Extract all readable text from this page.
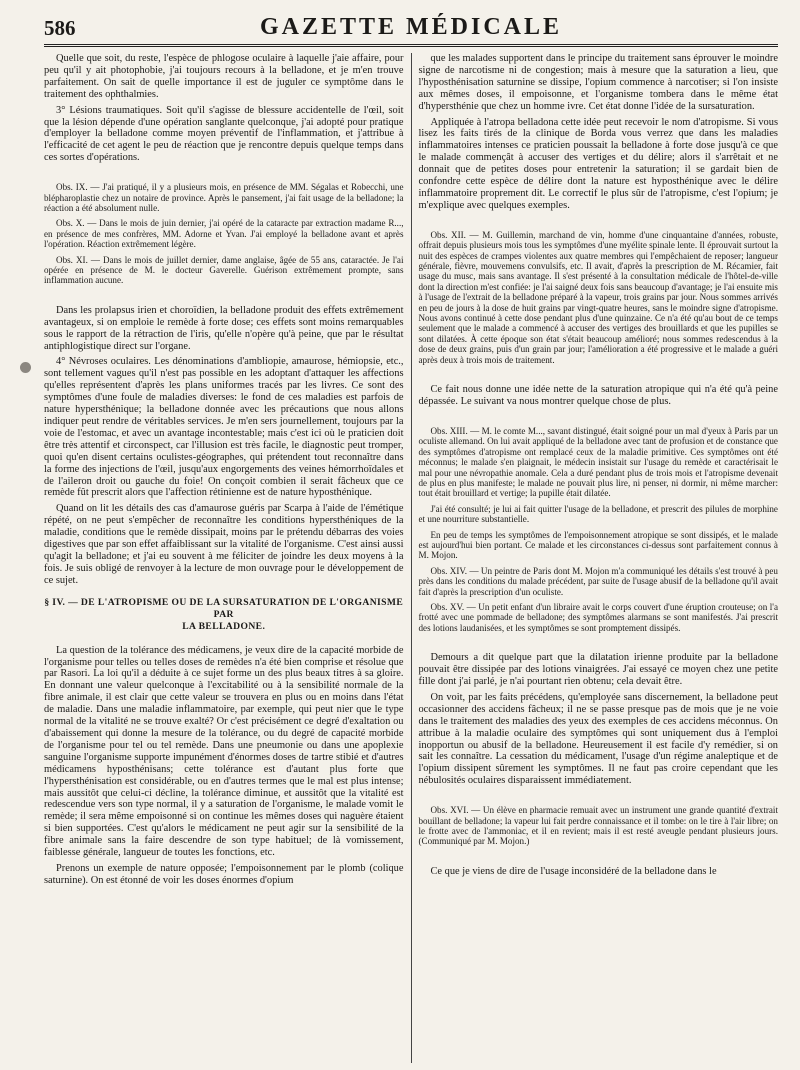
586	GAZETTE MÉDICALE

Quelle que soit, du reste, l'espèce de phlogose oculaire à laquelle j'aie affaire, pour peu qu'il y ait photophobie, j'ai toujours recours à la belladone, et je m'en trouve parfaitement. On sait de quelle importance il est de juguler ce symptôme dans le traitement des ophthalmies.

3° Lésions traumatiques. Soit qu'il s'agisse de blessure accidentelle de l'œil, soit que la lésion dépende d'une opération sanglante quelconque, j'ai adopté pour pratique d'employer la belladone comme moyen préventif de l'inflammation, et j'attribue à l'efficacité de cet agent le peu de réaction que je rencontre depuis quelque temps dans ces sortes d'opérations.

Obs. IX. — J'ai pratiqué, il y a plusieurs mois, en présence de MM. Ségalas et Robecchi, une blépharoplastie chez un notaire de province. Après le pansement, j'ai fait usage de la belladone; la réaction a été absolument nulle.

Obs. X. — Dans le mois de juin dernier, j'ai opéré de la cataracte par extraction madame R..., en présence de mes confrères, MM. Adorne et Yvan. J'ai employé la belladone avant et après l'opération. Réaction extrêmement légère.

Obs. XI. — Dans le mois de juillet dernier, dame anglaise, âgée de 55 ans, cataractée. Je l'ai opérée en présence de M. le docteur Gaverelle. Guérison extrêmement prompte, sans inflammation aucune.

Dans les prolapsus irien et choroïdien, la belladone produit des effets extrêmement avantageux, si on emploie le remède à forte dose; ces effets sont moins remarquables sous le rapport de la rétraction de l'iris, qu'elle n'opère qu'à peine, que par le résultat antiphlogistique direct sur l'organe.

4° Névroses oculaires. Les dénominations d'ambliopie, amaurose, hémiopsie, etc., sont tellement vagues qu'il n'est pas possible en les adoptant d'attaquer les affections qu'elles représentent d'après les plans uniformes tracés par les livres. Ce sont des symptômes d'une foule de maladies diverses: le fond de ces maladies est parfois de nature hypersthénique; la belladone donnée avec les précautions que nous allons indiquer peut rendre de véritables services. Je m'en sers journellement, toujours par la voie de l'estomac, et avec un avantage incontestable; mais c'est ici où le praticien doit être très attentif et circonspect, car l'illusion est très facile, le diagnostic peut tromper, quoi qu'en disent certains oculistes-géographes, qui prétendent tout reconnaître dans la forme des injections de l'œil, jusqu'aux engorgements des veines hémorrhoïdales et de l'aileron droit ou gauche du foie! On conçoit combien il serait fâcheux que ce remède fût prescrit alors que l'affection rétinienne est de nature hyposthénique.

Quand on lit les détails des cas d'amaurose guéris par Scarpa à l'aide de l'émétique répété, on ne peut s'empêcher de reconnaître les conditions hypersthéniques de la maladie, conditions que le remède dissipait, moins par le prétendu débarras des voies digestives que par son effet affaiblissant sur la vitalité de l'organisme. C'est ainsi aussi qu'agit la belladone; et j'ai eu souvent à me féliciter de joindre les deux moyens à la fois. Je suis obligé de renvoyer à la lecture de mon ouvrage pour le développement de ce sujet.

§ IV. — DE L'ATROPISME OU DE LA SURSATURATION DE L'ORGANISME PAR
LA BELLADONE.

La question de la tolérance des médicamens, je veux dire de la capacité morbide de l'organisme pour telles ou telles doses de remèdes n'a été bien comprise et résolue que par Rasori. La loi qu'il a déduite à ce sujet forme un des plus beaux titres à sa gloire. En donnant une valeur quelconque à l'excitabilité ou à la sensibilité normale de la fibre animale, il est clair que cette valeur se trouvera en plus ou en moins dans l'état de maladie. Dans une maladie inflammatoire, par exemple, qui peut nier que le type normal de la vitalité ne se trouve exalté? Or c'est précisément ce degré d'exaltation ou d'abaissement qui donne la mesure de la tolérance, ou du degré de capacité morbide de l'organisme pour tel ou tel remède. Dans une pneumonie ou dans une apoplexie sanguine l'organisme supporte impunément d'énormes doses de tartre stibié et d'autres médicamens hyposthénisans; cette tolérance est d'autant plus forte que l'hypersthénisation est considérable, ou en d'autres termes que le mal est plus intense; mais aussitôt que celui-ci décline, la tolérance diminue, et aussitôt que la vitalité est redescendue vers son type normal, il y a saturation de l'organisme, le malade vomit le remède; il sera même empoisonné si on continue les mêmes doses qui naguère étaient si bien supportées. C'est qu'alors le médicament ne peut agir sur la sensibilité de la fibre animale sans la faire descendre de son type habituel; de là vomissement, faiblesse générale, langueur de toutes les fonctions, etc.

Prenons un exemple de nature opposée; l'empoisonnement par le plomb (colique saturnine). On est étonné de voir les doses énormes d'opium

que les malades supportent dans le principe du traitement sans éprouver le moindre signe de narcotisme ni de congestion; mais à mesure que la saturation a lieu, que l'hyposthénisation saturnine se dissipe, l'opium commence à narcotiser; si l'on insiste aux mêmes doses, il empoisonne, et l'organisme tombera dans le même état d'hypersthénie que chez un homme ivre. Cet état donne l'idée de la sursaturation.

Appliquée à l'atropa belladona cette idée peut recevoir le nom d'atropisme. Si vous lisez les faits tirés de la clinique de Borda vous verrez que dans les maladies inflammatoires intenses ce praticien poussait la belladone à forte dose jusqu'à ce que le malade commençât à accuser des vertiges et du délire; alors il s'arrêtait et ne donnait que de petites doses pour entretenir la saturation; il se gardait bien de confondre cette espèce de délire dont la nature est hyposthénique avec le délire inflammatoire proprement dit. Le correctif le plus sûr de l'atropisme, c'est l'opium; je m'explique avec quelques exemples.

Obs. XII. — M. Guillemin, marchand de vin, homme d'une cinquantaine d'années, robuste, offrait depuis plusieurs mois tous les symptômes d'une myélite spinale lente. Il éprouvait surtout la nuit des espèces de crampes violentes aux quatre membres qui l'empêchaient de reposer; langueur générale, fièvre, mouvemens convulsifs, etc. Il avait, d'après la prescription de M. Récamier, fait usage du musc, mais sans avantage. Il s'est présenté à la consultation médicale de l'hôtel-de-ville dont la direction m'est confiée: je l'ai saigné deux fois sans beaucoup d'avantage; je l'ai ensuite mis à l'usage de l'extrait de la belladone préparé à la vapeur, trois grains par jour. Nous sommes arrivés en peu de jours à la dose de huit grains par vingt-quatre heures, sans le moindre signe d'atropisme. Nous avons continué à cette dose pendant plus d'une quinzaine. Ce n'a été qu'au bout de ce temps seulement que le malade a commencé à accuser des vertiges des brouillards et que les pupilles se sont dilatées. À cette époque son état s'était beaucoup amélioré; nous sommes redescendus à la dose de deux grains, puis d'un grain par jour; l'amélioration a été progressive et le malade a guéri après deux à trois mois de traitement.

Ce fait nous donne une idée nette de la saturation atropique qui n'a été qu'à peine dépassée. Le suivant va nous montrer quelque chose de plus.

Obs. XIII. — M. le comte M..., savant distingué, était soigné pour un mal d'yeux à Paris par un oculiste allemand. On lui avait appliqué de la belladone avec tant de profusion et de constance que des symptômes d'atropisme ont remplacé ceux de la maladie primitive. Ces symptômes ont été méconnus; le malade s'en plaignait, le médecin insistait sur l'usage du remède et caractérisait le mal pour une névropathie anomale. Cela a duré pendant plus de trois mois et l'atropisme devenait de plus en plus manifeste; le malade ne pouvait plus lire, ni penser, ni dormir, ni même marcher: tout était brouillard et vertige; la pupille était dilatée.

J'ai été consulté; je lui ai fait quitter l'usage de la belladone, et prescrit des pilules de morphine et une nourriture substantielle.

En peu de temps les symptômes de l'empoisonnement atropique se sont dissipés, et le malade est aujourd'hui bien portant. Ce malade et les circonstances ci-dessus sont parfaitement connus à M. Mojon.

Obs. XIV. — Un peintre de Paris dont M. Mojon m'a communiqué les détails s'est trouvé à peu près dans les conditions du malade précédent, par suite de l'usage abusif de la belladone qu'il avait fait d'après la prescription d'un oculiste.

Obs. XV. — Un petit enfant d'un libraire avait le corps couvert d'une éruption crouteuse; on l'a frotté avec une pommade de belladone; des symptômes alarmans se sont manifestés. J'ai prescrit des lotions laudanisées, et les symptômes se sont promptement dissipés.

Demours a dit quelque part que la dilatation irienne produite par la belladone pouvait être dissipée par des lotions vinaigrées. J'ai essayé ce moyen chez une petite fille dont j'ai parlé, je n'ai pourtant rien obtenu; cela devait être.

On voit, par les faits précédens, qu'employée sans discernement, la belladone peut occasionner des accidens fâcheux; il ne se passe presque pas de mois que je ne voie dans le traitement des maladies des yeux des exemples de ces accidens méconnus. On attribue à la maladie oculaire des symptômes qui sont uniquement dus à l'emploi inopportun ou abusif de la belladone. Heureusement il est facile d'y remédier, si on sait les connaître. La cessation du médicament, l'usage d'un régime analeptique et de l'opium dissipent sûrement les symptômes. Il ne faut pas croire cependant que les nébulosités oculaires disparaissent immédiatement.

Obs. XVI. — Un élève en pharmacie remuait avec un instrument une grande quantité d'extrait bouillant de belladone; la vapeur lui fait perdre connaissance et il tombe: on le tire à l'air libre; on le frotte avec de l'ammoniac, et il en revient; mais il est resté aveugle pendant plusieurs jours. (Communiqué par M. Mojon.)

Ce que je viens de dire de l'usage inconsidéré de la belladone dans le
